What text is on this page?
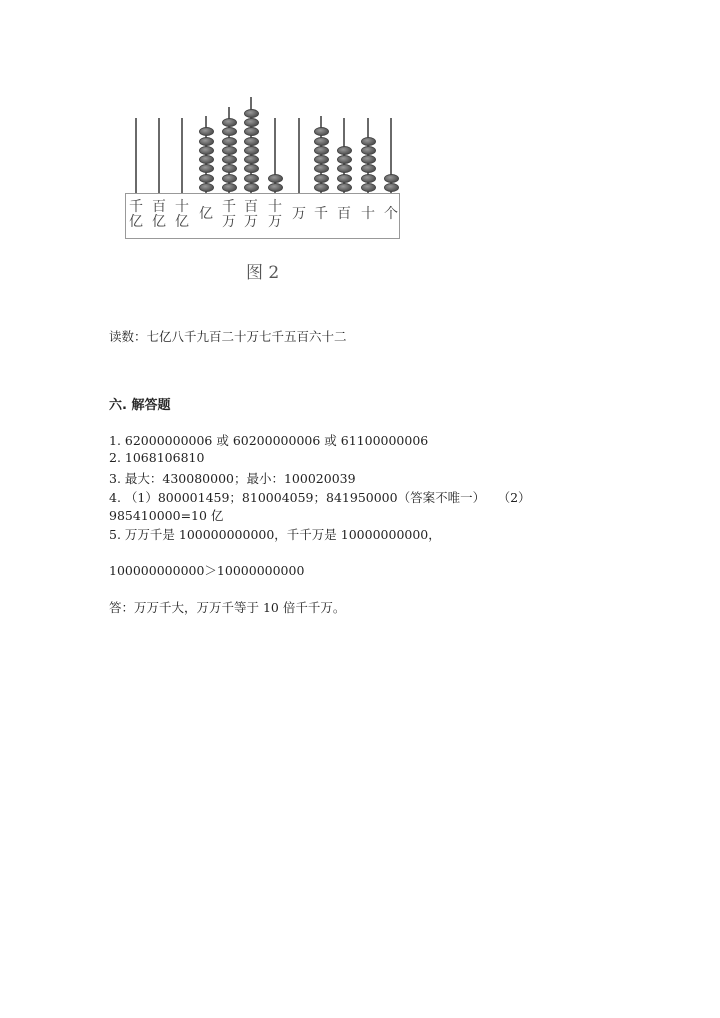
千
亿
百
亿
十
亿 亿 千
万
百
万
十
万 万 千 百 十 个
图 2
读数：七亿八千九百二十万七千五百六十二
六. 解答题
1. 62000000006 或 60200000006 或 61100000006
2. 1068106810
3. 最大：430080000；最小：100020039
4. （1）800001459；810004059；841950000（答案不唯一）　　（2）
985410000=10 亿
5. 万万千是 100000000000，千千万是 10000000000，
100000000000＞10000000000
答：万万千大，万万千等于 10 倍千千万。
